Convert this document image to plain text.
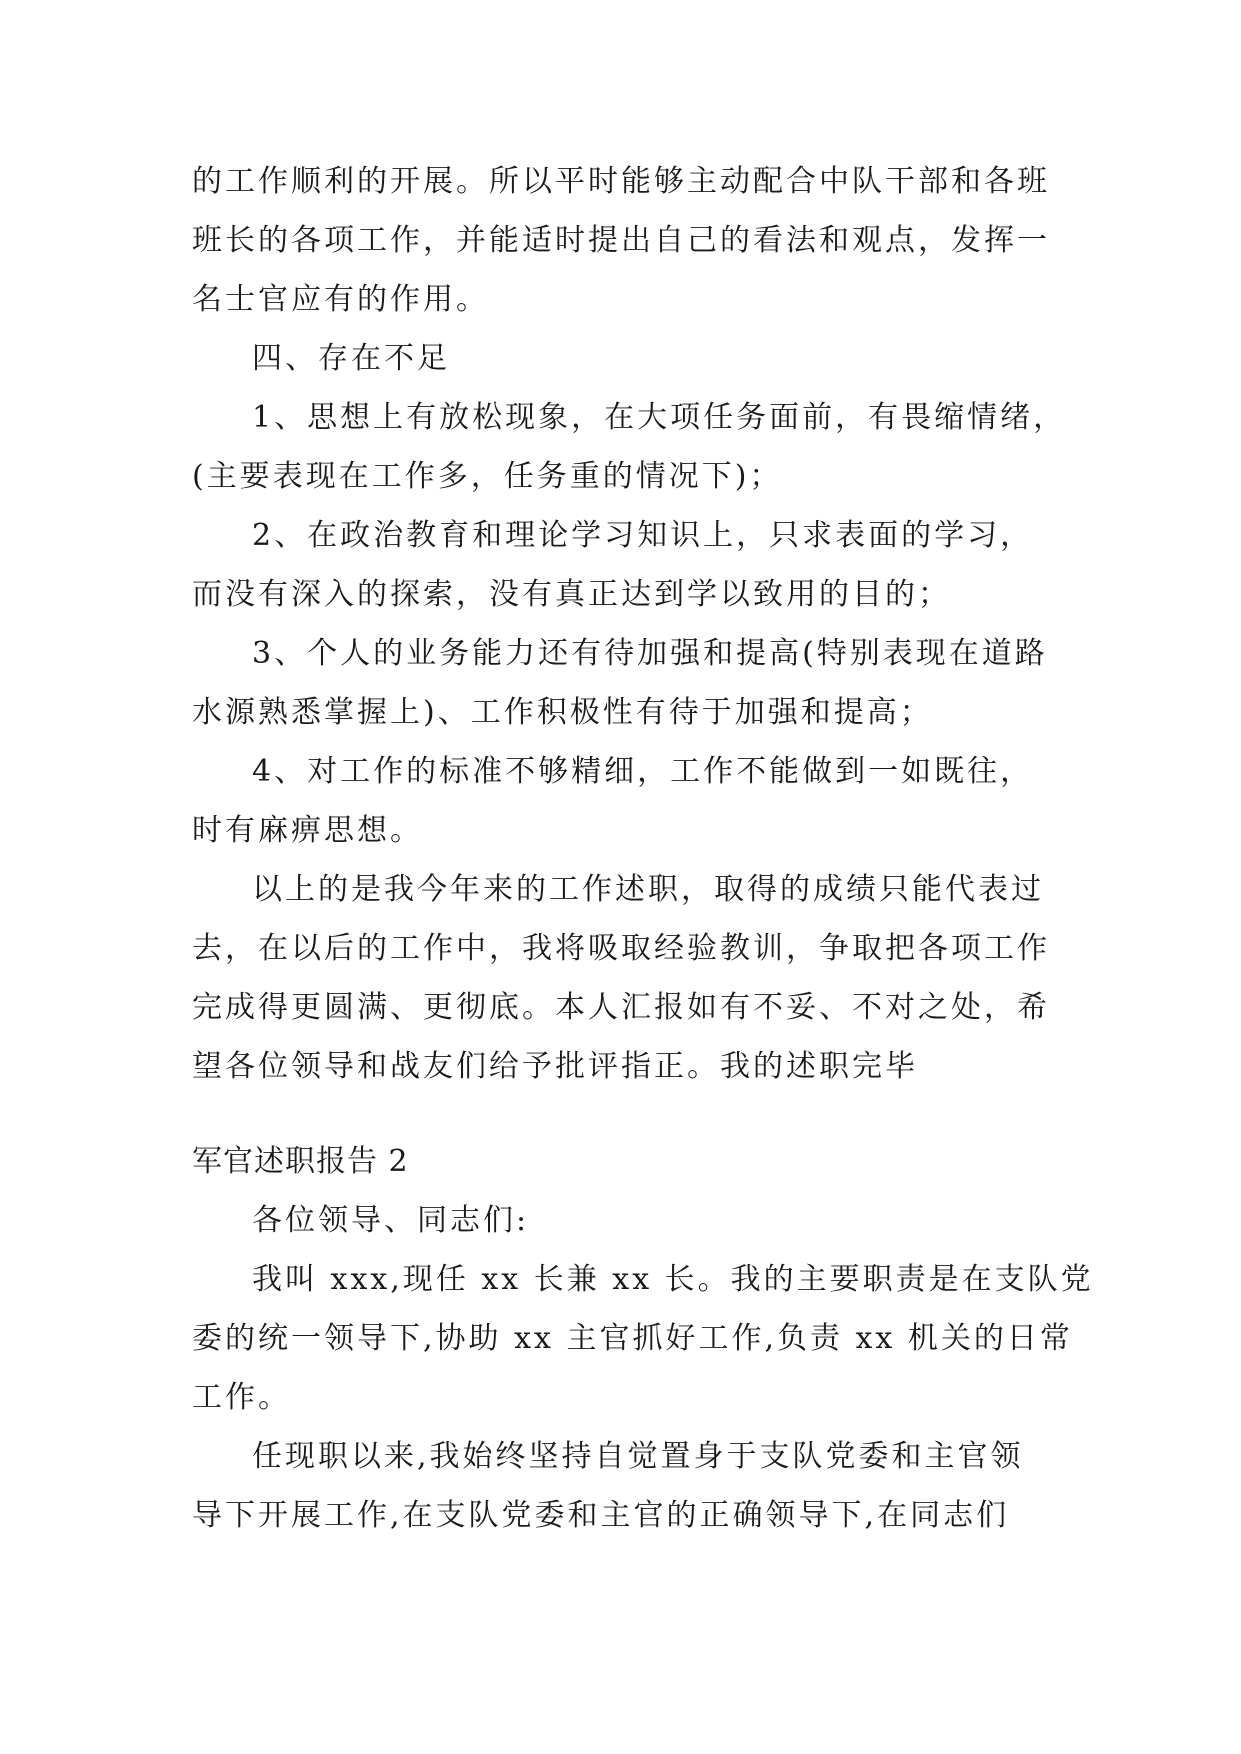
的工作顺利的开展。所以平时能够主动配合中队干部和各班
班长的各项工作，并能适时提出自己的看法和观点，发挥一
名士官应有的作用。
四、存在不足
1、思想上有放松现象，在大项任务面前，有畏缩情绪，
(主要表现在工作多，任务重的情况下)；
2、在政治教育和理论学习知识上，只求表面的学习，
而没有深入的探索，没有真正达到学以致用的目的；
3、个人的业务能力还有待加强和提高(特别表现在道路
水源熟悉掌握上)、工作积极性有待于加强和提高；
4、对工作的标准不够精细，工作不能做到一如既往，
时有麻痹思想。
以上的是我今年来的工作述职，取得的成绩只能代表过
去，在以后的工作中，我将吸取经验教训，争取把各项工作
完成得更圆满、更彻底。本人汇报如有不妥、不对之处，希
望各位领导和战友们给予批评指正。我的述职完毕
军官述职报告 2
各位领导、同志们:
我叫 xxx,现任 xx 长兼 xx 长。我的主要职责是在支队党
委的统一领导下,协助 xx 主官抓好工作,负责 xx 机关的日常
工作。
任现职以来,我始终坚持自觉置身于支队党委和主官领
导下开展工作,在支队党委和主官的正确领导下,在同志们
